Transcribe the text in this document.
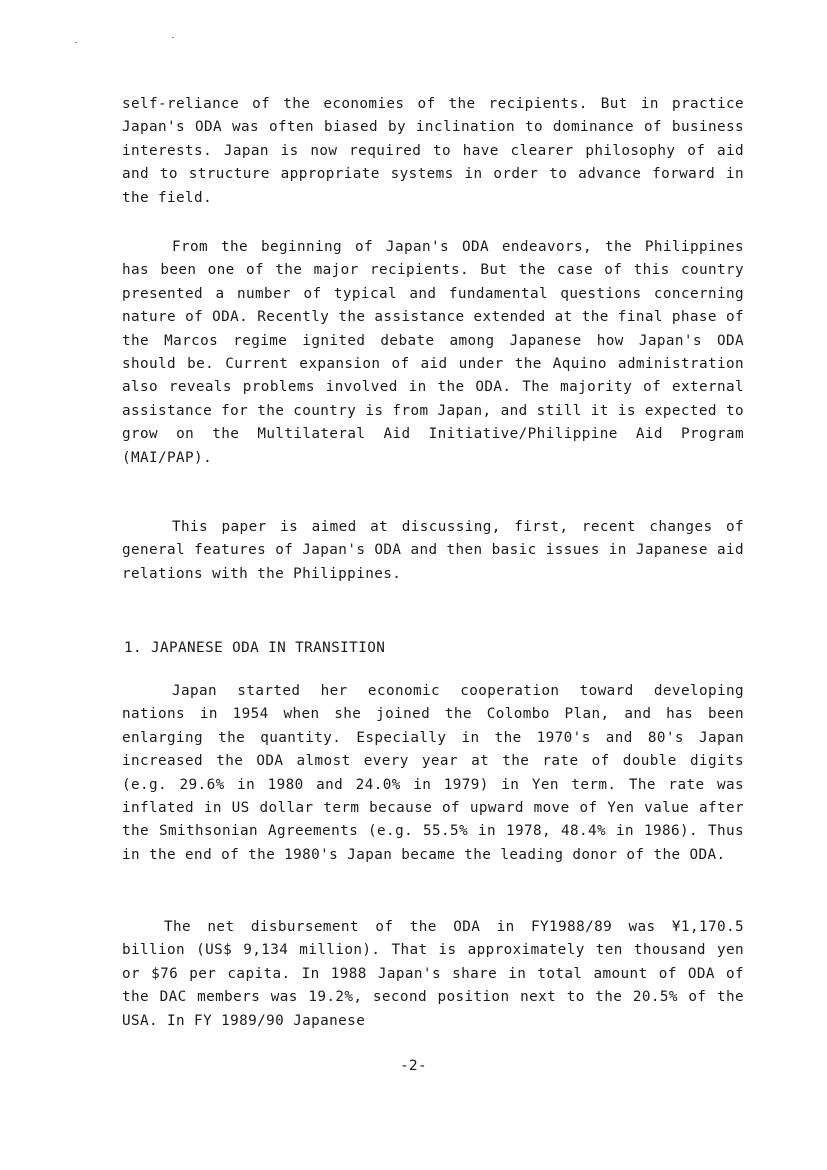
self-reliance of the economies of the recipients. But in practice Japan's ODA was often biased by inclination to dominance of business interests. Japan is now required to have clearer philosophy of aid and to structure appropriate systems in order to advance forward in the field.

From the beginning of Japan's ODA endeavors, the Philippines has been one of the major recipients. But the case of this country presented a number of typical and fundamental questions concerning nature of ODA. Recently the assistance extended at the final phase of the Marcos regime ignited debate among Japanese how Japan's ODA should be. Current expansion of aid under the Aquino administration also reveals problems involved in the ODA. The majority of external assistance for the country is from Japan, and still it is expected to grow on the Multilateral Aid Initiative/Philippine Aid Program (MAI/PAP).

This paper is aimed at discussing, first, recent changes of general features of Japan's ODA and then basic issues in Japanese aid relations with the Philippines.

1. JAPANESE ODA IN TRANSITION

Japan started her economic cooperation toward developing nations in 1954 when she joined the Colombo Plan, and has been enlarging the quantity. Especially in the 1970's and 80's Japan increased the ODA almost every year at the rate of double digits (e.g. 29.6% in 1980 and 24.0% in 1979) in Yen term. The rate was inflated in US dollar term because of upward move of Yen value after the Smithsonian Agreements (e.g. 55.5% in 1978, 48.4% in 1986). Thus in the end of the 1980's Japan became the leading donor of the ODA.

The net disbursement of the ODA in FY1988/89 was ¥1,170.5 billion (US$ 9,134 million). That is approximately ten thousand yen or $76 per capita. In 1988 Japan's share in total amount of ODA of the DAC members was 19.2%, second position next to the 20.5% of the USA. In FY 1989/90 Japanese

-2-
